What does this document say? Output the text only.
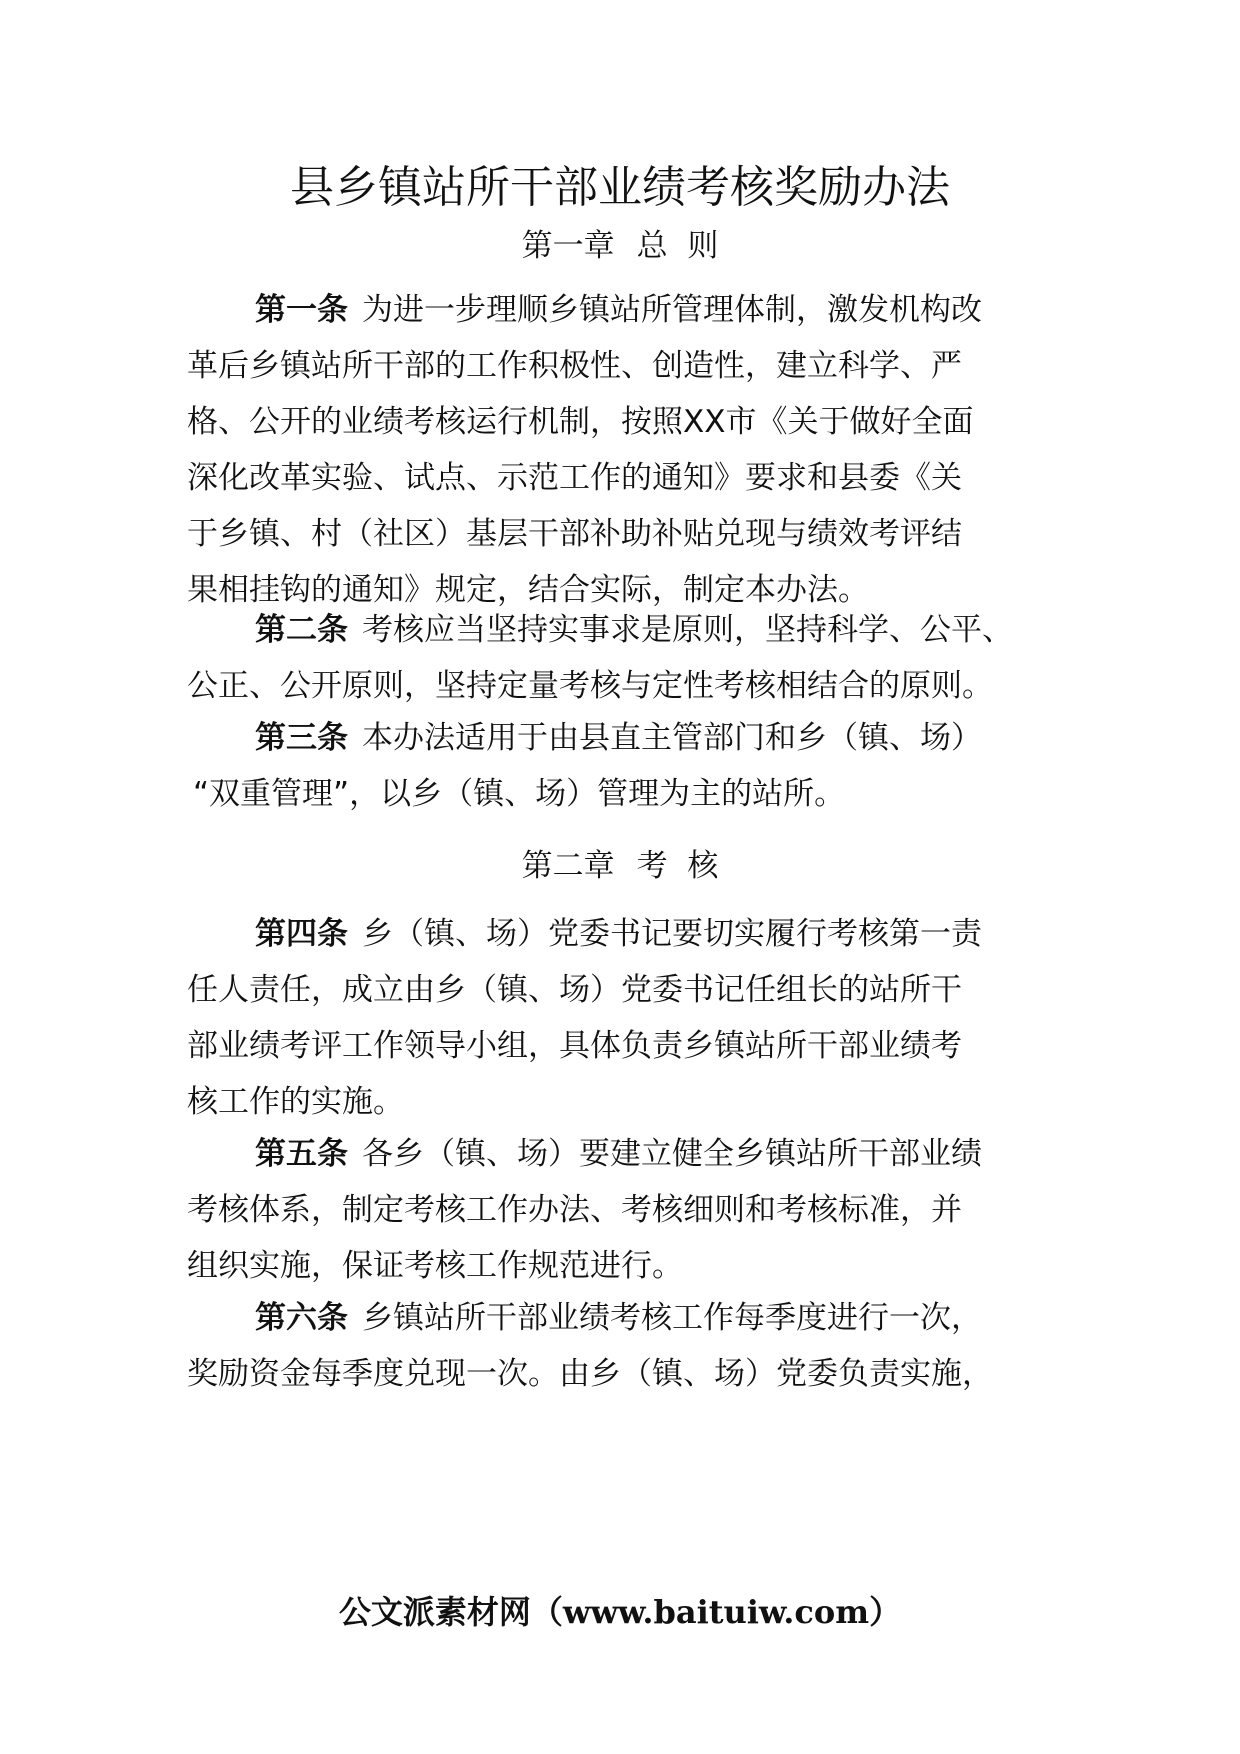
县乡镇站所干部业绩考核奖励办法
第一章 总  则
第一条 为进一步理顺乡镇站所管理体制，激发机构改
革后乡镇站所干部的工作积极性、创造性，建立科学、严
格、公开的业绩考核运行机制，按照XX市《关于做好全面
深化改革实验、试点、示范工作的通知》要求和县委《关
于乡镇、村（社区）基层干部补助补贴兑现与绩效考评结
果相挂钩的通知》规定，结合实际，制定本办法。
第二条 考核应当坚持实事求是原则，坚持科学、公平、
公正、公开原则，坚持定量考核与定性考核相结合的原则。
第三条 本办法适用于由县直主管部门和乡（镇、场）
“双重管理”，以乡（镇、场）管理为主的站所。
第二章 考  核
第四条 乡（镇、场）党委书记要切实履行考核第一责
任人责任，成立由乡（镇、场）党委书记任组长的站所干
部业绩考评工作领导小组，具体负责乡镇站所干部业绩考
核工作的实施。
第五条 各乡（镇、场）要建立健全乡镇站所干部业绩
考核体系，制定考核工作办法、考核细则和考核标准，并
组织实施，保证考核工作规范进行。
第六条 乡镇站所干部业绩考核工作每季度进行一次，
奖励资金每季度兑现一次。由乡（镇、场）党委负责实施，
公文派素材网（www.baituiw.com）
